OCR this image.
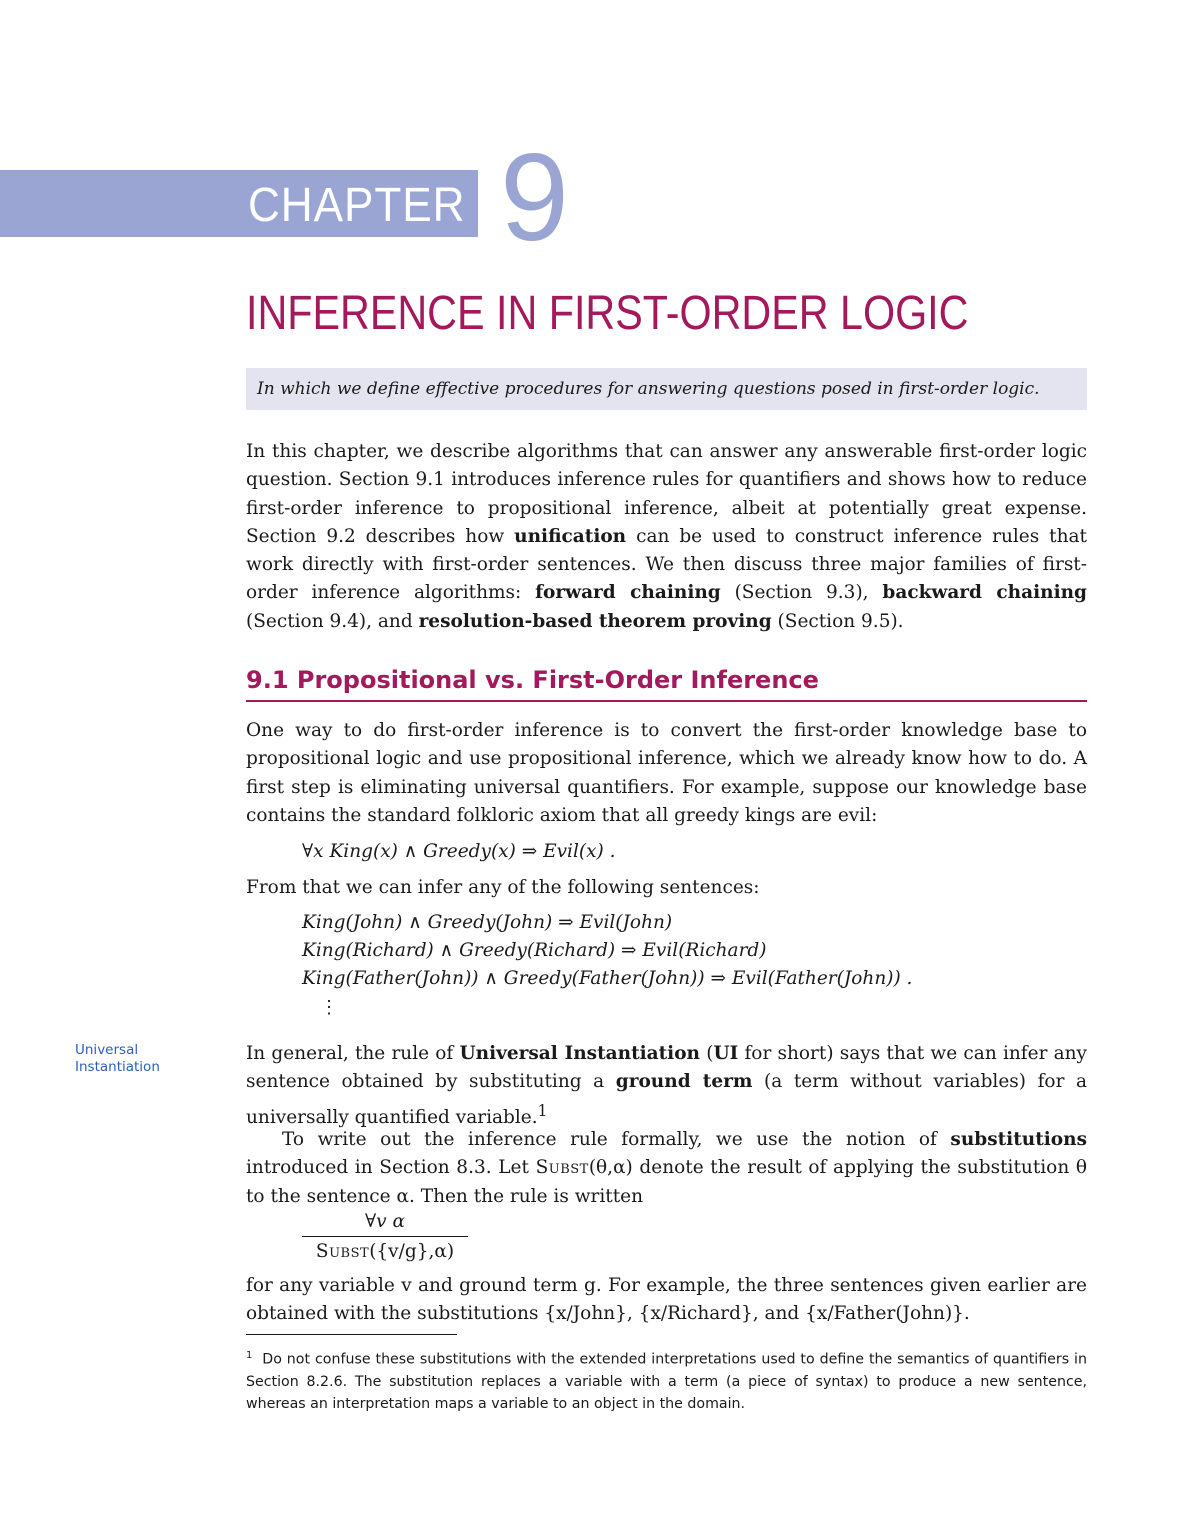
CHAPTER 9
INFERENCE IN FIRST-ORDER LOGIC
In which we define effective procedures for answering questions posed in first-order logic.

In this chapter, we describe algorithms that can answer any answerable first-order logic question. Section 9.1 introduces inference rules for quantifiers and shows how to reduce first-order inference to propositional inference, albeit at potentially great expense. Section 9.2 describes how unification can be used to construct inference rules that work directly with first-order sentences. We then discuss three major families of first-order inference algorithms: forward chaining (Section 9.3), backward chaining (Section 9.4), and resolution-based theorem proving (Section 9.5).

9.1 Propositional vs. First-Order Inference

One way to do first-order inference is to convert the first-order knowledge base to propositional logic and use propositional inference, which we already know how to do. A first step is eliminating universal quantifiers. For example, suppose our knowledge base contains the standard folkloric axiom that all greedy kings are evil:

∀x King(x) ∧ Greedy(x) ⇒ Evil(x) .

From that we can infer any of the following sentences:

King(John) ∧ Greedy(John) ⇒ Evil(John)
King(Richard) ∧ Greedy(Richard) ⇒ Evil(Richard)
King(Father(John)) ∧ Greedy(Father(John)) ⇒ Evil(Father(John)) .
⋮
Universal
Instantiation

In general, the rule of Universal Instantiation (UI for short) says that we can infer any sentence obtained by substituting a ground term (a term without variables) for a universally quantified variable.$^1$

To write out the inference rule formally, we use the notion of substitutions introduced in Section 8.3. Let Subst(θ,α) denote the result of applying the substitution θ to the sentence α. Then the rule is written

∀v α
Subst({v/g},α)

for any variable v and ground term g. For example, the three sentences given earlier are obtained with the substitutions {x/John}, {x/Richard}, and {x/Father(John)}.

$^1$ Do not confuse these substitutions with the extended interpretations used to define the semantics of quantifiers in Section 8.2.6. The substitution replaces a variable with a term (a piece of syntax) to produce a new sentence, whereas an interpretation maps a variable to an object in the domain.
